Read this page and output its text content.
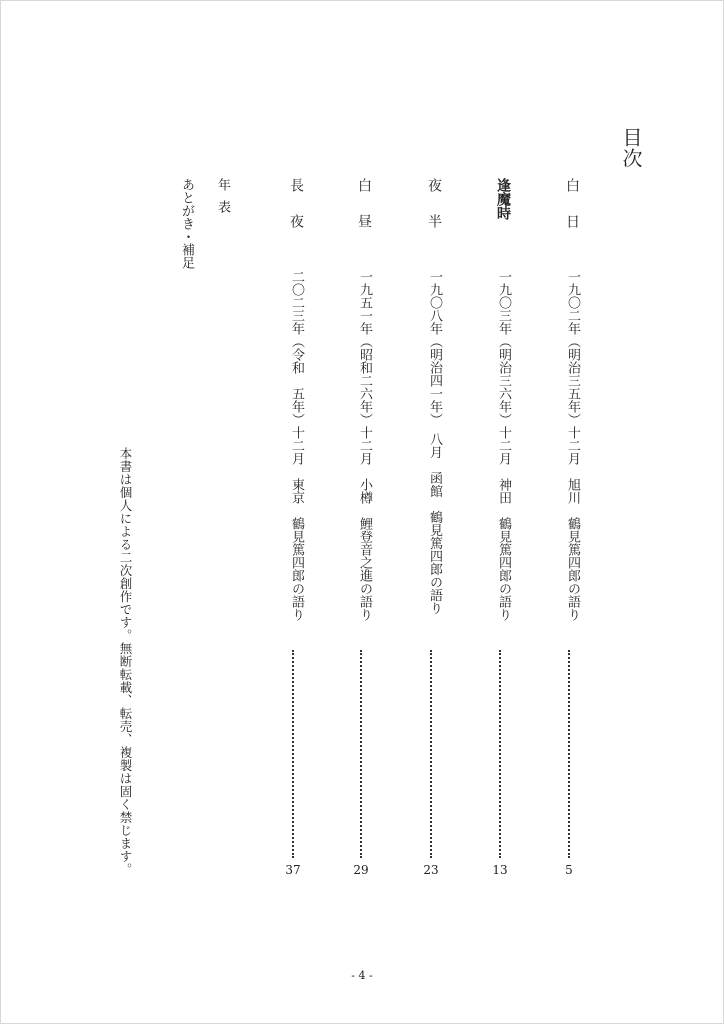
目次
白　日
一九〇二年（明治三五年）十二月　旭川　鶴見篤四郎の語り
5
逢魔時
一九〇三年（明治三六年）十二月　神田　鶴見篤四郎の語り
13
夜　半
一九〇八年（明治四一年）　八月　函館　鶴見篤四郎の語り
23
白　昼
一九五一年（昭和二六年）十二月　小樽　鯉登音之進の語り
29
長　夜
二〇二三年（令和　五年）十二月　東京　鶴見篤四郎の語り
37
年表
あとがき・補足
本書は個人による二次創作です。無断転載、転売、複製は固く禁じます。
- 4 -
